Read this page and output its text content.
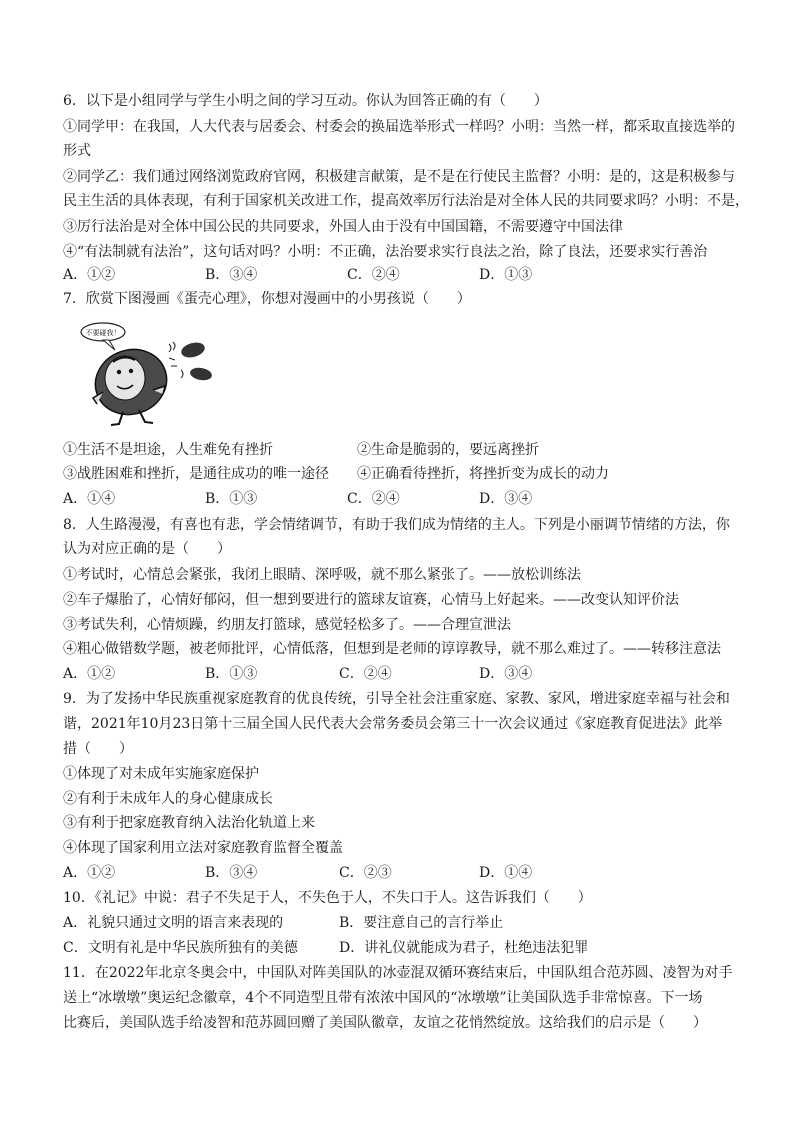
6．以下是小组同学与学生小明之间的学习互动。你认为回答正确的有（　　）
①同学甲：在我国，人大代表与居委会、村委会的换届选举形式一样吗？小明：当然一样，都采取直接选举的
形式
②同学乙：我们通过网络浏览政府官网，积极建言献策，是不是在行使民主监督？小明：是的，这是积极参与
民主生活的具体表现，有利于国家机关改进工作，提高效率厉行法治是对全体人民的共同要求吗？小明：不是，
③厉行法治是对全体中国公民的共同要求，外国人由于没有中国国籍，不需要遵守中国法律
④“有法制就有法治”，这句话对吗？小明：不正确，法治要求实行良法之治，除了良法，还要求实行善治
A．①②	B．③④	C．②④	D．①③
7．欣赏下图漫画《蛋壳心理》，你想对漫画中的小男孩说（　　）
不要碰我！
①生活不是坦途，人生难免有挫折	②生命是脆弱的，要远离挫折
③战胜困难和挫折，是通往成功的唯一途径 ④正确看待挫折，将挫折变为成长的动力
A．①④	B．①③	C．②④	D．③④
8．人生路漫漫，有喜也有悲，学会情绪调节，有助于我们成为情绪的主人。下列是小丽调节情绪的方法，你
认为对应正确的是（　　）
①考试时，心情总会紧张，我闭上眼睛、深呼吸，就不那么紧张了。——放松训练法
②车子爆胎了，心情好郁闷，但一想到要进行的篮球友谊赛，心情马上好起来。——改变认知评价法
③考试失利，心情烦躁，约朋友打篮球，感觉轻松多了。——合理宣泄法
④粗心做错数学题，被老师批评，心情低落，但想到是老师的谆谆教导，就不那么难过了。——转移注意法
A．①②	B．①③	C．②④	D．③④
9．为了发扬中华民族重视家庭教育的优良传统，引导全社会注重家庭、家教、家风，增进家庭幸福与社会和
谐，2021年10月23日第十三届全国人民代表大会常务委员会第三十一次会议通过《家庭教育促进法》此举
措（　　）
①体现了对未成年实施家庭保护
②有利于未成年人的身心健康成长
③有利于把家庭教育纳入法治化轨道上来
④体现了国家利用立法对家庭教育监督全覆盖
A．①②	B．③④	C．②③	D．①④
10．《礼记》中说：君子不失足于人，不失色于人，不失口于人。这告诉我们（　　）
A．礼貌只通过文明的语言来表现的	B．要注意自己的言行举止
C．文明有礼是中华民族所独有的美德	D．讲礼仪就能成为君子，杜绝违法犯罪
11．在2022年北京冬奥会中，中国队对阵美国队的冰壶混双循环赛结束后，中国队组合范苏圆、凌智为对手
送上“冰墩墩”奥运纪念徽章，4个不同造型且带有浓浓中国风的“冰墩墩”让美国队选手非常惊喜。下一场
比赛后，美国队选手给凌智和范苏圆回赠了美国队徽章，友谊之花悄然绽放。这给我们的启示是（　　）
